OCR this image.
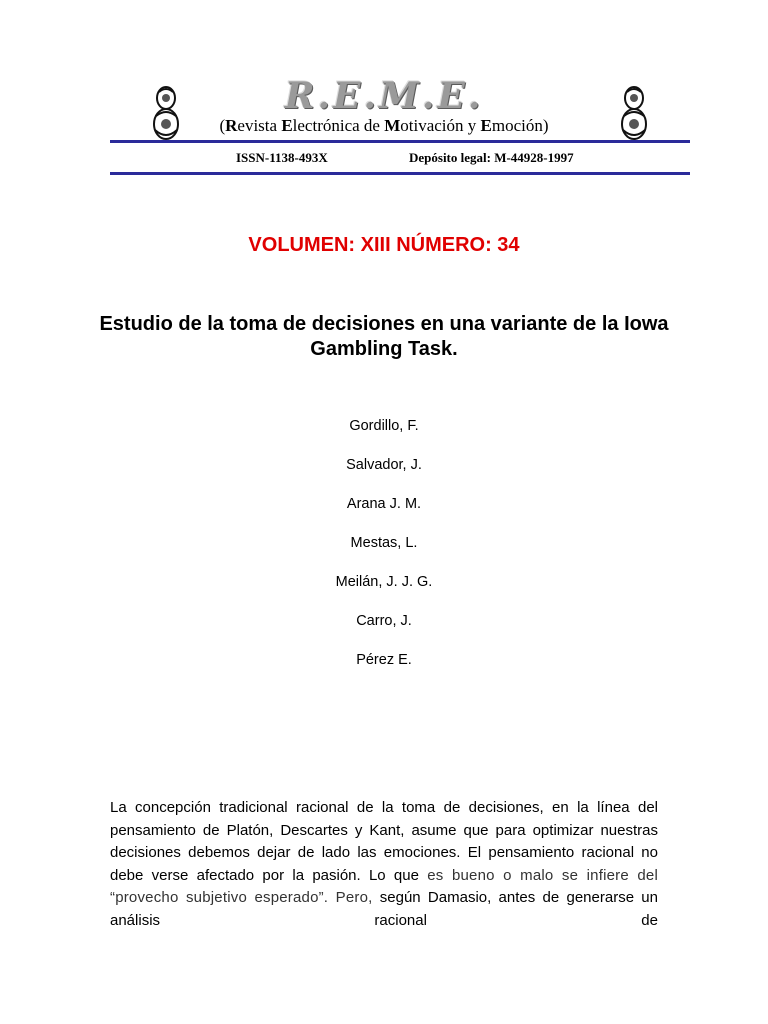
R.E.M.E.
(Revista Electrónica de Motivación y Emoción)
ISSN-1138-493X	Depósito legal: M-44928-1997
VOLUMEN: XIII NÚMERO: 34
Estudio de la toma de decisiones en una variante de la Iowa Gambling Task.
Gordillo, F.
Salvador, J.
Arana J. M.
Mestas, L.
Meilán, J. J. G.
Carro, J.
Pérez E.

La concepción tradicional racional de la toma de decisiones, en la línea del pensamiento de Platón, Descartes y Kant, asume que para optimizar nuestras decisiones debemos dejar de lado las emociones. El pensamiento racional no debe verse afectado por la pasión. Lo que es bueno o malo se infiere del “provecho subjetivo esperado”. Pero, según Damasio, antes de generarse un análisis racional de
